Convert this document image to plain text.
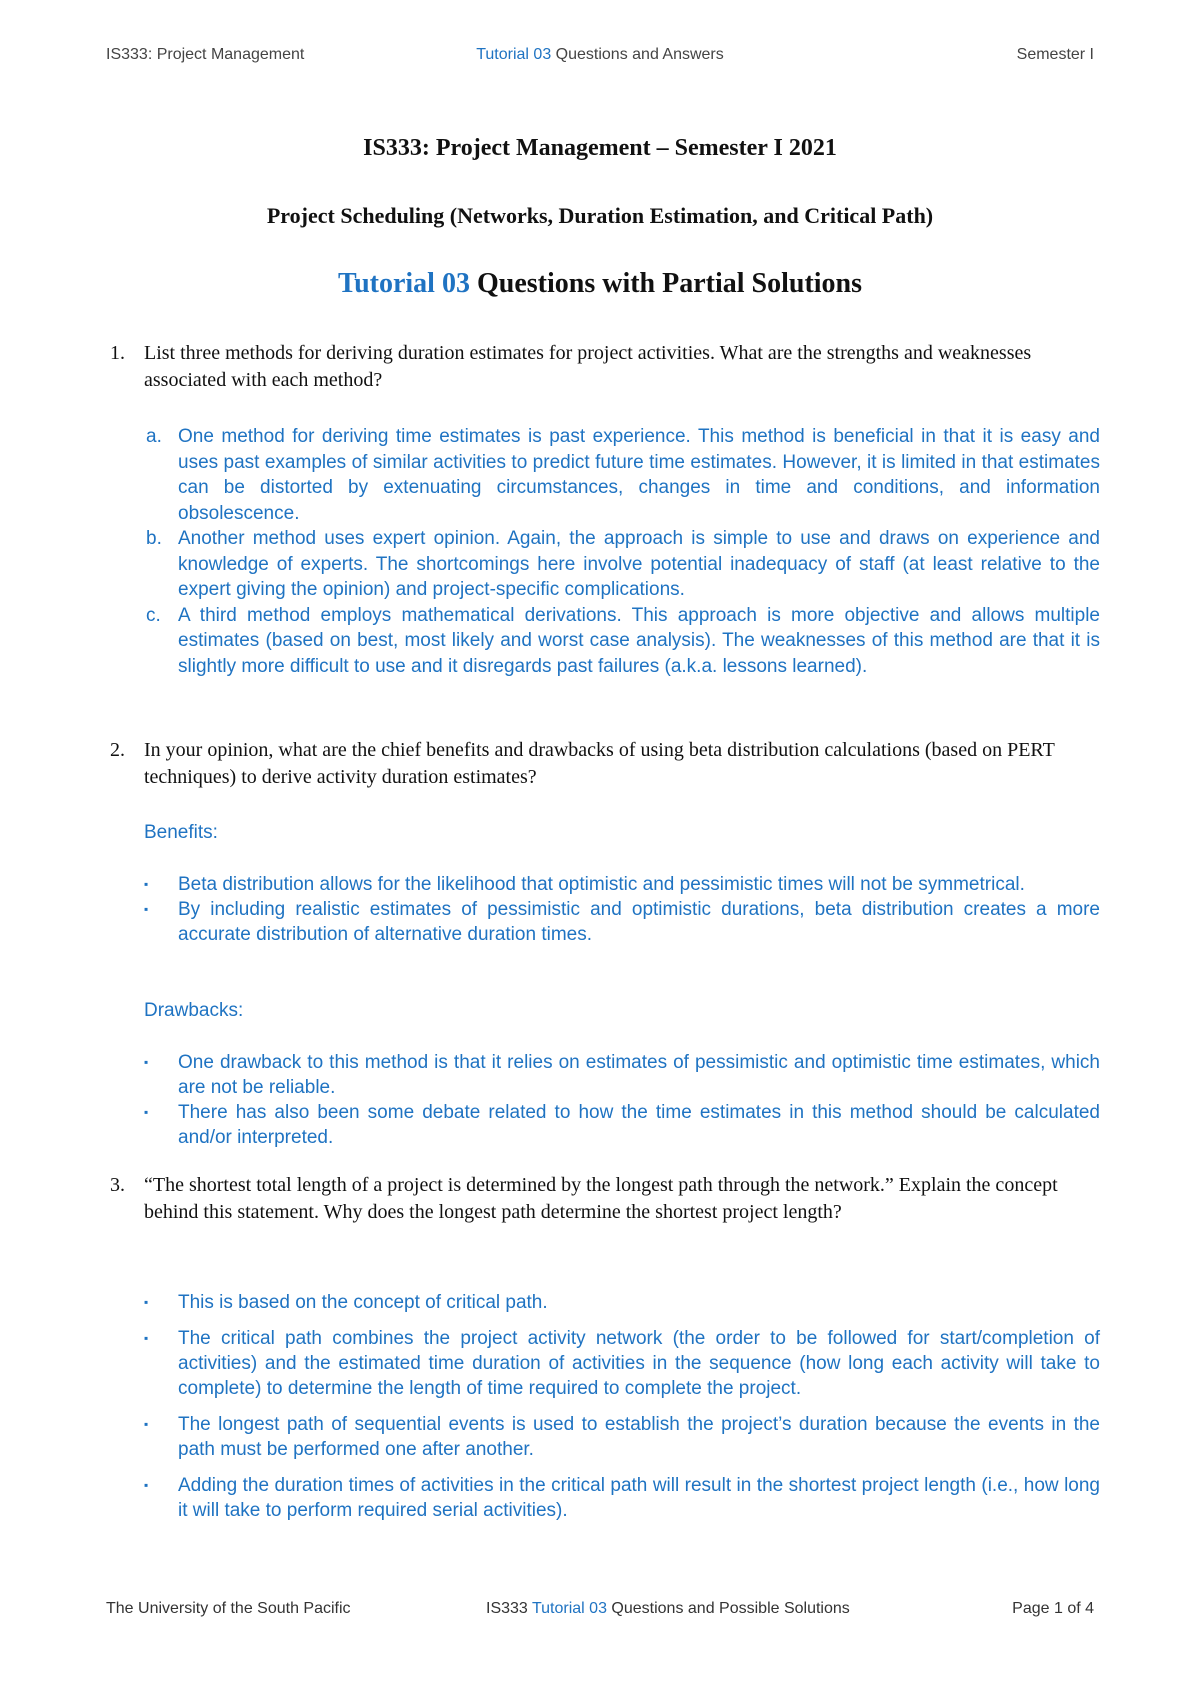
IS333: Project Management	Tutorial 03 Questions and Answers	Semester I
IS333: Project Management – Semester I 2021
Project Scheduling (Networks, Duration Estimation, and Critical Path)
Tutorial 03 Questions with Partial Solutions
1. List three methods for deriving duration estimates for project activities. What are the strengths and weaknesses associated with each method?
a. One method for deriving time estimates is past experience. This method is beneficial in that it is easy and uses past examples of similar activities to predict future time estimates. However, it is limited in that estimates can be distorted by extenuating circumstances, changes in time and conditions, and information obsolescence.
b. Another method uses expert opinion. Again, the approach is simple to use and draws on experience and knowledge of experts. The shortcomings here involve potential inadequacy of staff (at least relative to the expert giving the opinion) and project-specific complications.
c. A third method employs mathematical derivations. This approach is more objective and allows multiple estimates (based on best, most likely and worst case analysis). The weaknesses of this method are that it is slightly more difficult to use and it disregards past failures (a.k.a. lessons learned).
2. In your opinion, what are the chief benefits and drawbacks of using beta distribution calculations (based on PERT techniques) to derive activity duration estimates?
Benefits:
▪ Beta distribution allows for the likelihood that optimistic and pessimistic times will not be symmetrical.
▪ By including realistic estimates of pessimistic and optimistic durations, beta distribution creates a more accurate distribution of alternative duration times.
Drawbacks:
▪ One drawback to this method is that it relies on estimates of pessimistic and optimistic time estimates, which are not be reliable.
▪ There has also been some debate related to how the time estimates in this method should be calculated and/or interpreted.
3. “The shortest total length of a project is determined by the longest path through the network.” Explain the concept behind this statement. Why does the longest path determine the shortest project length?
▪ This is based on the concept of critical path.
▪ The critical path combines the project activity network (the order to be followed for start/completion of activities) and the estimated time duration of activities in the sequence (how long each activity will take to complete) to determine the length of time required to complete the project.
▪ The longest path of sequential events is used to establish the project’s duration because the events in the path must be performed one after another.
▪ Adding the duration times of activities in the critical path will result in the shortest project length (i.e., how long it will take to perform required serial activities).
The University of the South Pacific	IS333 Tutorial 03 Questions and Possible Solutions	Page 1 of 4
